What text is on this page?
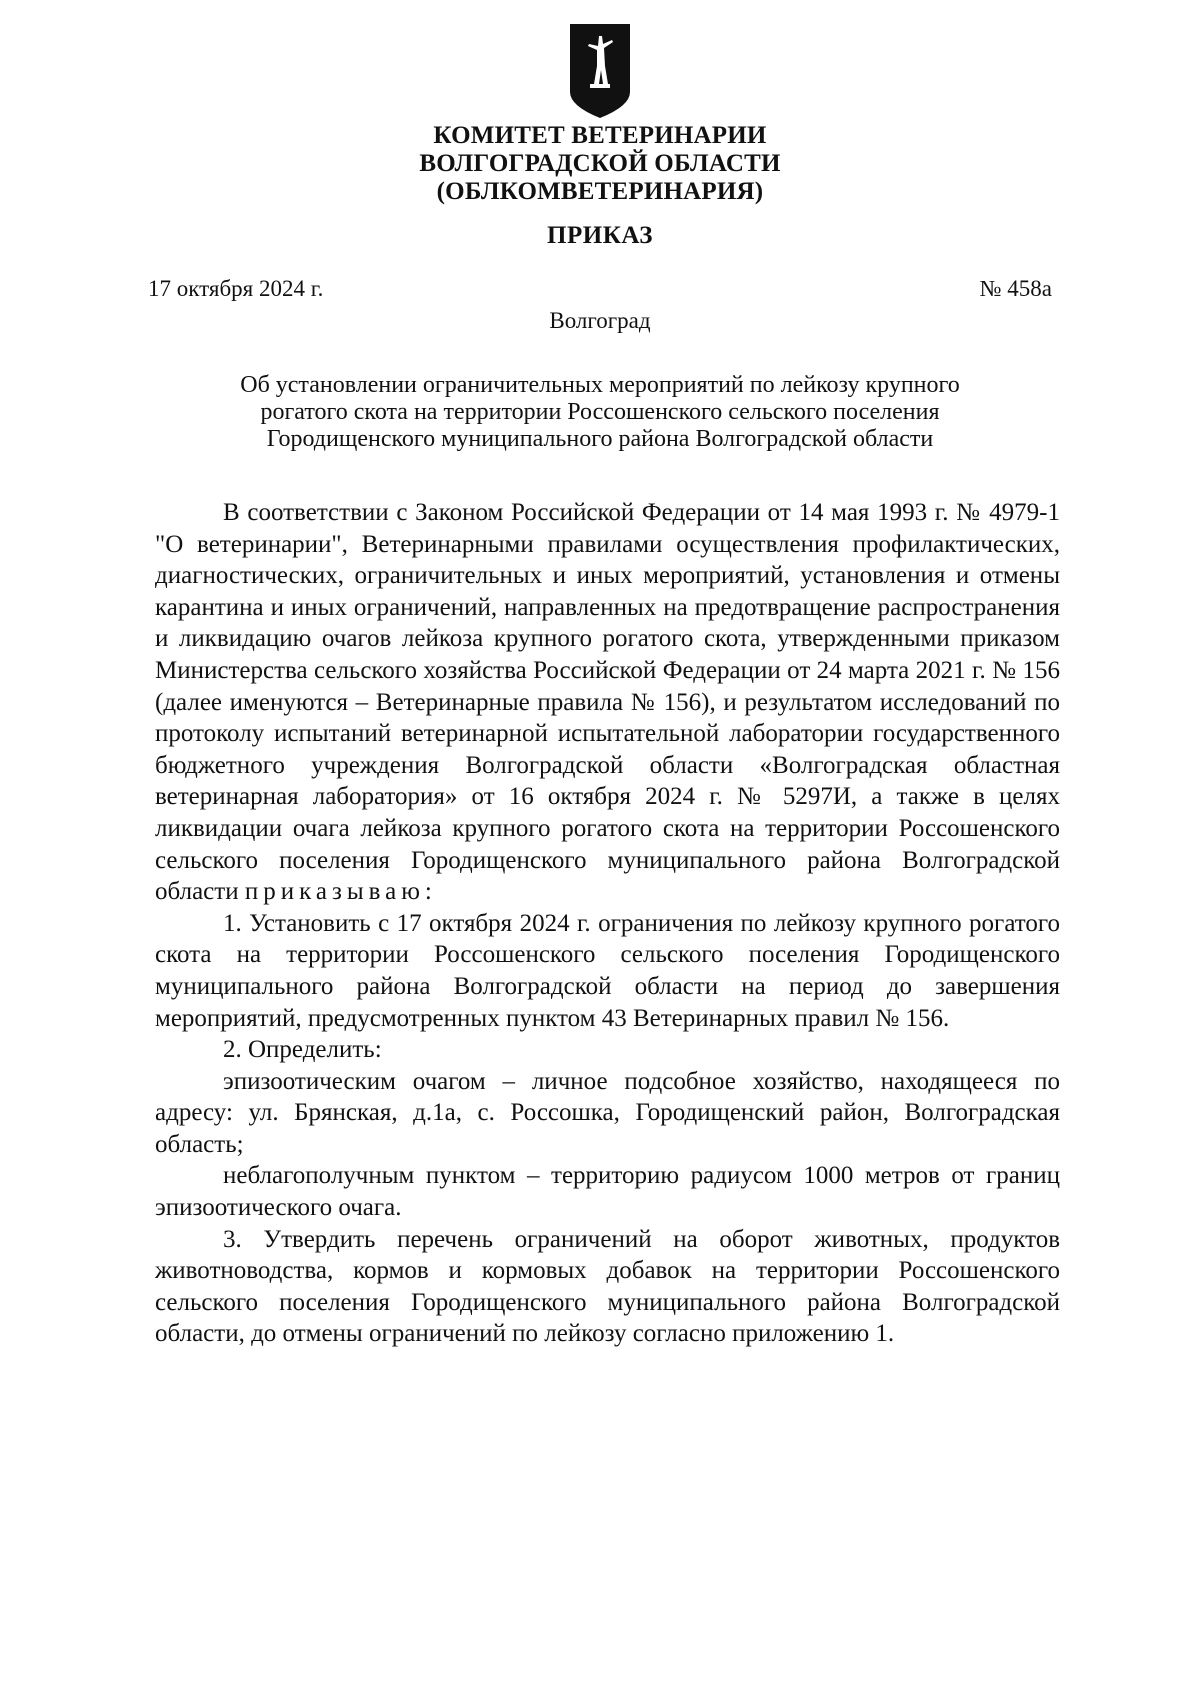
КОМИТЕТ ВЕТЕРИНАРИИ
ВОЛГОГРАДСКОЙ ОБЛАСТИ
(ОБЛКОМВЕТЕРИНАРИЯ)
ПРИКАЗ
17 октября 2024 г.	№ 458а
Волгоград
Об установлении ограничительных мероприятий по лейкозу крупного
рогатого скота на территории Россошенского сельского поселения
Городищенского муниципального района Волгоградской области

В соответствии с Законом Российской Федерации от 14 мая 1993 г. № 4979-1 "О ветеринарии", Ветеринарными правилами осуществления профилактических, диагностических, ограничительных и иных мероприятий, установления и отмены карантина и иных ограничений, направленных на предотвращение распространения и ликвидацию очагов лейкоза крупного рогатого скота, утвержденными приказом Министерства сельского хозяйства Российской Федерации от 24 марта 2021 г. № 156 (далее именуются – Ветеринарные правила № 156), и результатом исследований по протоколу испытаний ветеринарной испытательной лаборатории государственного бюджетного учреждения Волгоградской области «Волгоградская областная ветеринарная лаборатория» от 16 октября 2024 г. № 5297И, а также в целях ликвидации очага лейкоза крупного рогатого скота на территории Россошенского сельского поселения Городищенского муниципального района Волгоградской области приказываю:

1. Установить с 17 октября 2024 г. ограничения по лейкозу крупного рогатого скота на территории Россошенского сельского поселения Городищенского муниципального района Волгоградской области на период до завершения мероприятий, предусмотренных пунктом 43 Ветеринарных правил № 156.

2. Определить:

эпизоотическим очагом – личное подсобное хозяйство, находящееся по адресу: ул. Брянская, д.1а, с. Россошка, Городищенский район, Волгоградская область;

неблагополучным пунктом – территорию радиусом 1000 метров от границ эпизоотического очага.

3. Утвердить перечень ограничений на оборот животных, продуктов животноводства, кормов и кормовых добавок на территории Россошенского сельского поселения Городищенского муниципального района Волгоградской области, до отмены ограничений по лейкозу согласно приложению 1.
